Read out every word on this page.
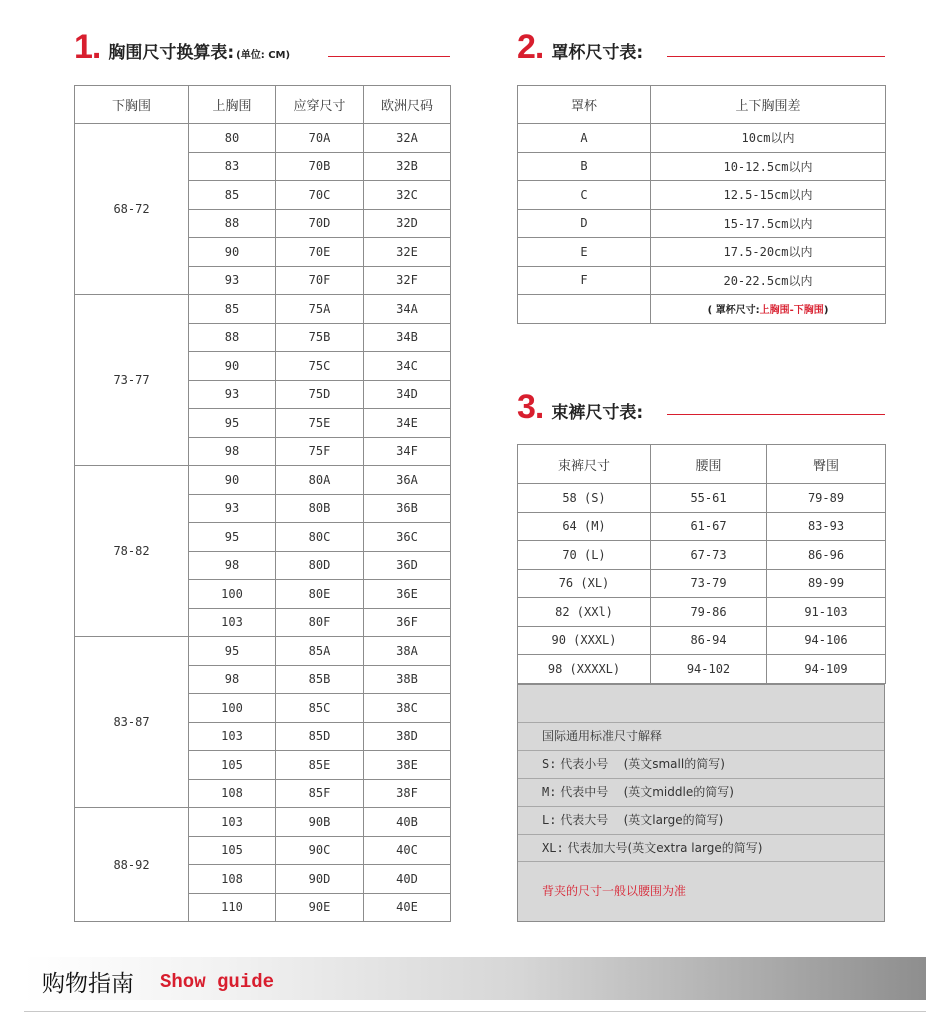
1. 胸围尺寸换算表: (单位: CM)	2. 罩杯尺寸表:
3. 束裤尺寸表:
下胸围	上胸围	应穿尺寸	欧洲尺码
68-72	80	70A	32A
	83	70B	32B
	85	70C	32C
	88	70D	32D
	90	70E	32E
	93	70F	32F
73-77	85	75A	34A
	88	75B	34B
	90	75C	34C
	93	75D	34D
	95	75E	34E
	98	75F	34F
78-82	90	80A	36A
	93	80B	36B
	95	80C	36C
	98	80D	36D
	100	80E	36E
	103	80F	36F
83-87	95	85A	38A
	98	85B	38B
	100	85C	38C
	103	85D	38D
	105	85E	38E
	108	85F	38F
88-92	103	90B	40B
	105	90C	40C
	108	90D	40D
	110	90E	40E
罩杯	上下胸围差
A	10cm以内
B	10-12.5cm以内
C	12.5-15cm以内
D	15-17.5cm以内
E	17.5-20cm以内
F	20-22.5cm以内
	( 罩杯尺寸:上胸围-下胸围)
束裤尺寸	腰围	臀围
58 (S)	55-61	79-89
64 (M)	61-67	83-93
70 (L)	67-73	86-96
76 (XL)	73-79	89-99
82 (XXl)	79-86	91-103
90 (XXXL)	86-94	94-106
98 (XXXXL)	94-102	94-109
国际通用标准尺寸解释
S: 代表小号 (英文small的简写)
M: 代表中号 (英文middle的简写)
L: 代表大号 (英文large的简写)
XL: 代表加大号(英文extra large的简写)
背夹的尺寸一般以腰围为准
购物指南 Show guide
